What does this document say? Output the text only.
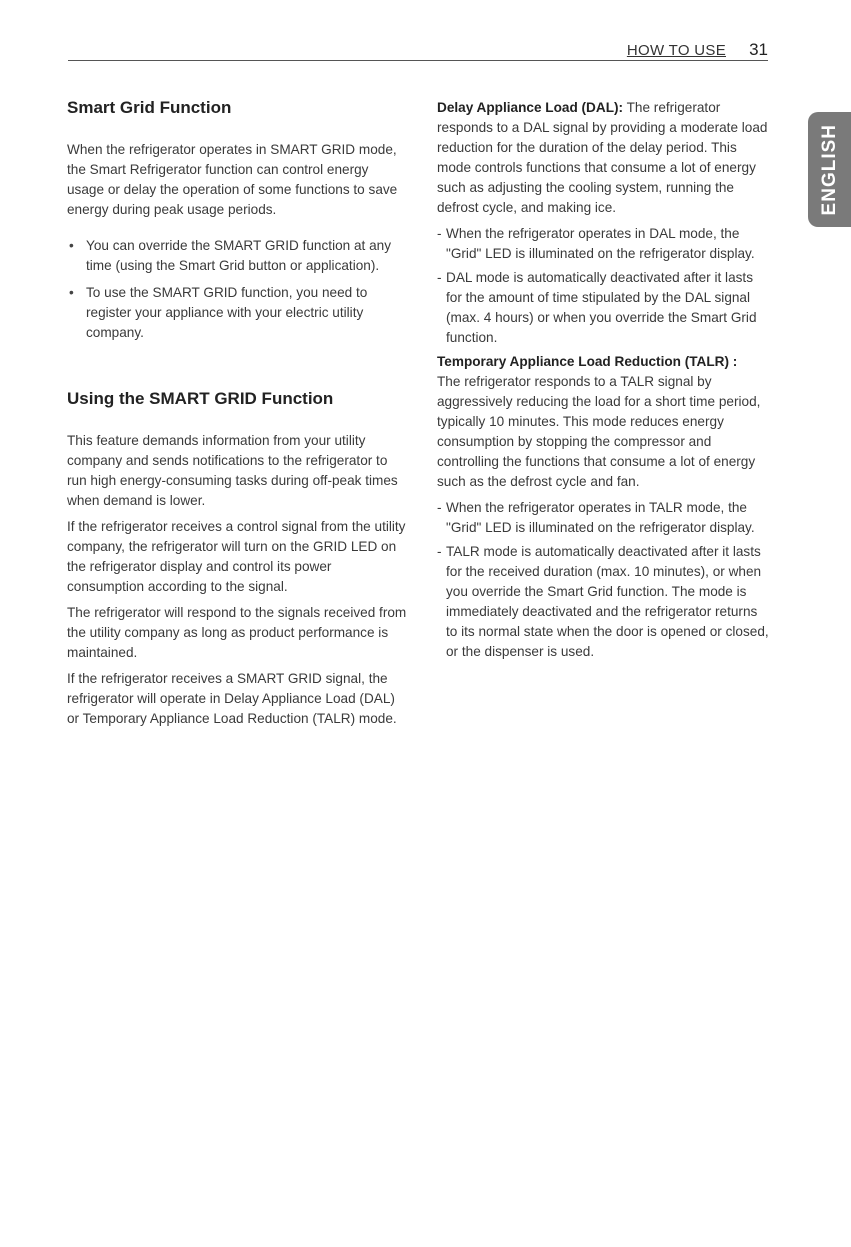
HOW TO USE 31
ENGLISH
Smart Grid Function

When the refrigerator operates in SMART GRID mode, the Smart Refrigerator function can control energy usage or delay the operation of some functions to save energy during peak usage periods.

• You can override the SMART GRID function at any time (using the Smart Grid button or application).
• To use the SMART GRID function, you need to register your appliance with your electric utility company.
Using the SMART GRID Function

This feature demands information from your utility company and sends notifications to the refrigerator to run high energy-consuming tasks during off-peak times when demand is lower.

If the refrigerator receives a control signal from the utility company, the refrigerator will turn on the GRID LED on the refrigerator display and control its power consumption according to the signal.

The refrigerator will respond to the signals received from the utility company as long as product performance is maintained.

If the refrigerator receives a SMART GRID signal, the refrigerator will operate in Delay Appliance Load (DAL) or Temporary Appliance Load Reduction (TALR) mode.

Delay Appliance Load (DAL): The refrigerator responds to a DAL signal by providing a moderate load reduction for the duration of the delay period. This mode controls functions that consume a lot of energy such as adjusting the cooling system, running the defrost cycle, and making ice.

- When the refrigerator operates in DAL mode, the "Grid" LED is illuminated on the refrigerator display.
- DAL mode is automatically deactivated after it lasts for the amount of time stipulated by the DAL signal (max. 4 hours) or when you override the Smart Grid function.

Temporary Appliance Load Reduction (TALR) :

The refrigerator responds to a TALR signal by aggressively reducing the load for a short time period, typically 10 minutes. This mode reduces energy consumption by stopping the compressor and controlling the functions that consume a lot of energy such as the defrost cycle and fan.

- When the refrigerator operates in TALR mode, the "Grid" LED is illuminated on the refrigerator display.
- TALR mode is automatically deactivated after it lasts for the received duration (max. 10 minutes), or when you override the Smart Grid function. The mode is immediately deactivated and the refrigerator returns to its normal state when the door is opened or closed, or the dispenser is used.
